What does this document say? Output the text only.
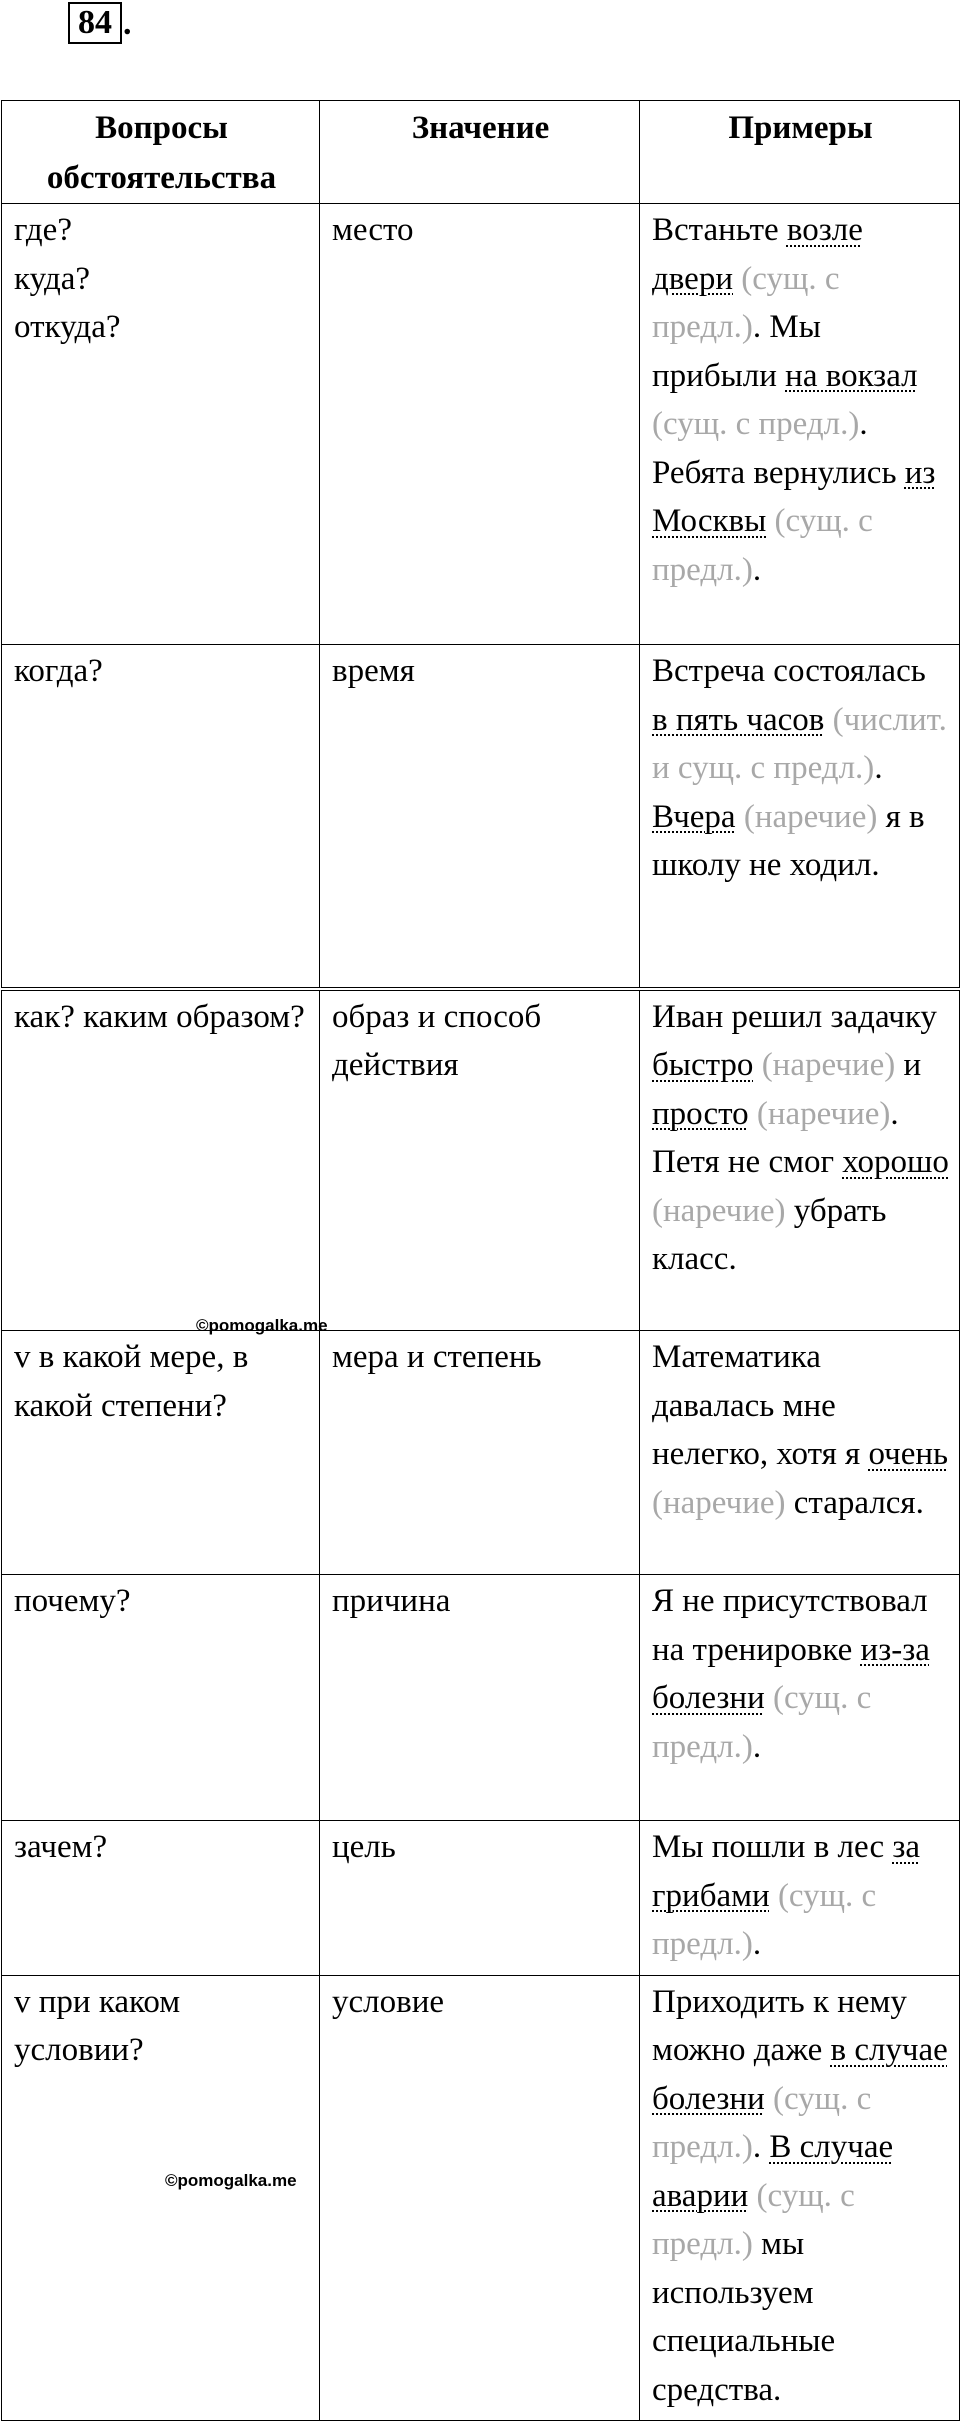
84 .
Вопросы обстоятельства	Значение	Примеры

где?
куда?
откуда?	место	Встаньте возле двери (сущ. с предл.). Мы прибыли на вокзал (сущ. с предл.). Ребята вернулись из Москвы (сущ. с предл.).

когда?	время	Встреча состоялась в пять часов (числит. и сущ. с предл.). Вчера (наречие) я в школу не ходил.

как? каким образом?	образ и способ действия	Иван решил задачку быстро (наречие) и просто (наречие). Петя не смог хорошо (наречие) убрать класс.

v в какой мере, в какой степени?	мера и степень	Математика давалась мне нелегко, хотя я очень (наречие) старался.

почему?	причина	Я не присутствовал на тренировке из-за болезни (сущ. с предл.).

зачем?	цель	Мы пошли в лес за грибами (сущ. с предл.).

v при каком условии?	условие	Приходить к нему можно даже в случае болезни (сущ. с предл.). В случае аварии (сущ. с предл.) мы используем специальные средства.
©pomogalka.me
©pomogalka.me
